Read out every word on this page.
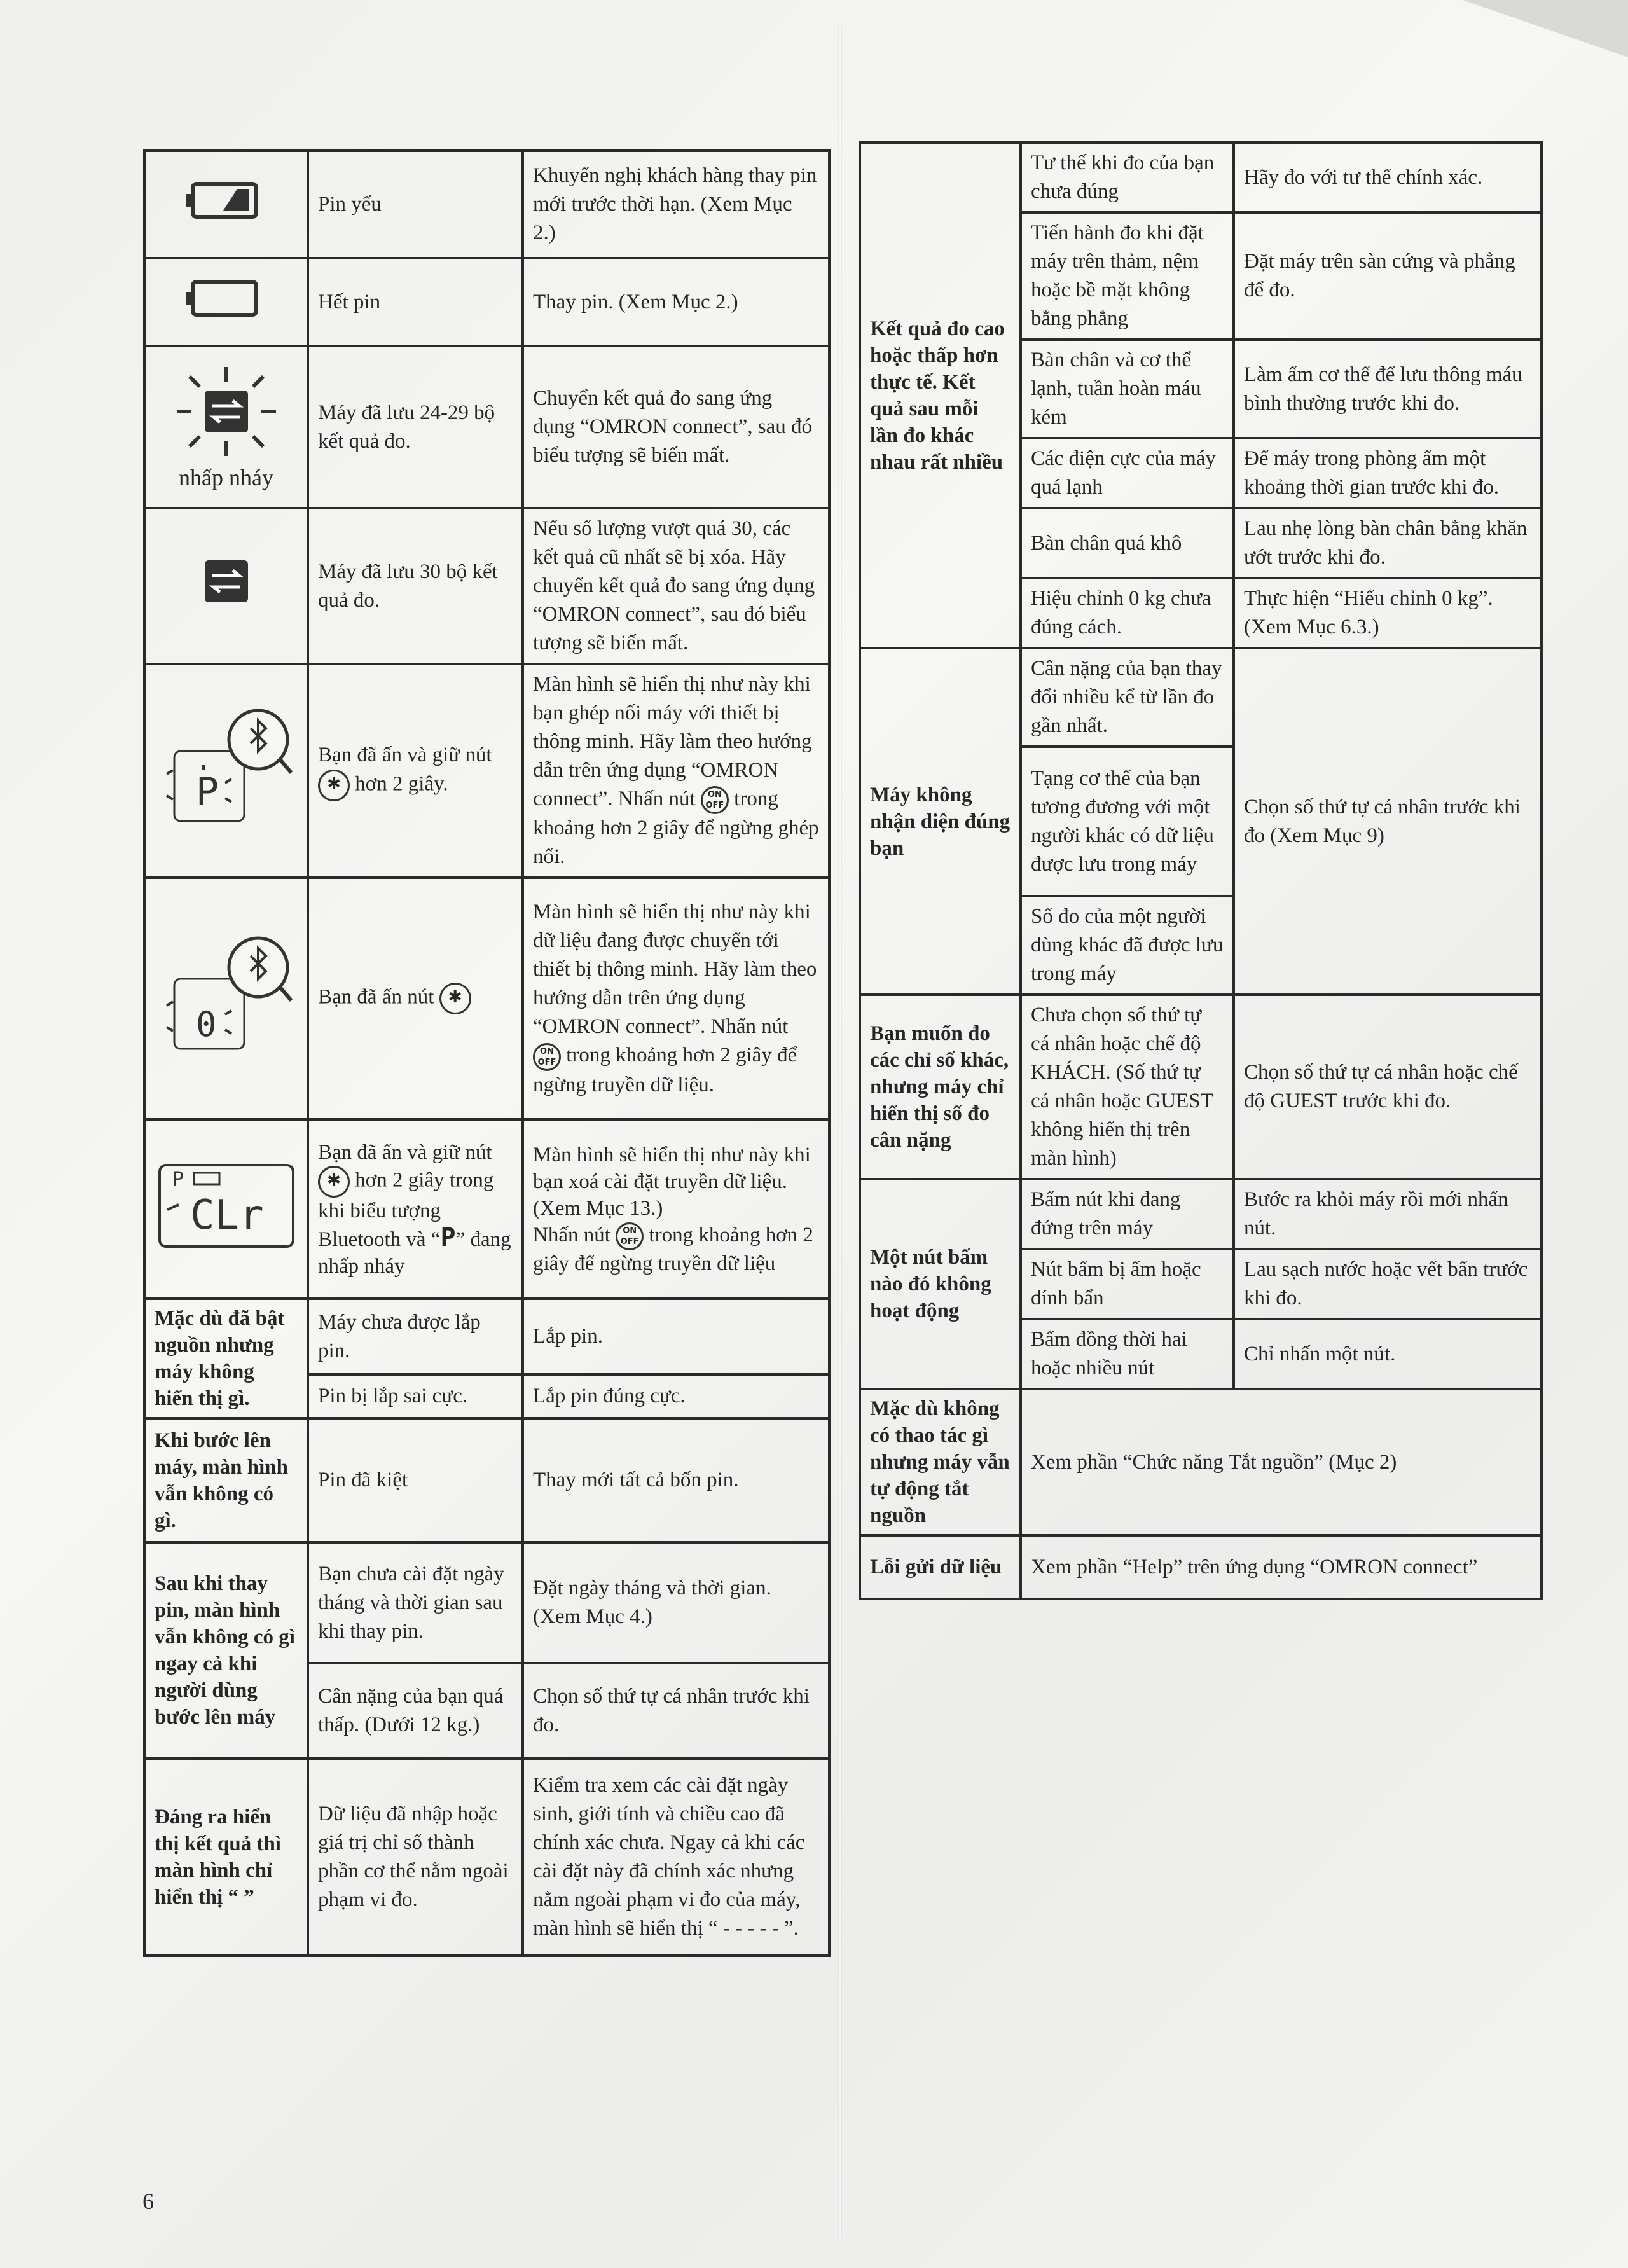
	Pin yếu	Khuyến nghị khách hàng thay pin mới trước thời hạn. (Xem Mục 2.)
	Hết pin	Thay pin. (Xem Mục 2.)

nhấp nháy	Máy đã lưu 24-29 bộ kết quả đo.	Chuyển kết quả đo sang ứng dụng “OMRON connect”, sau đó biểu tượng sẽ biến mất.
	Máy đã lưu 30 bộ kết quả đo.	Nếu số lượng vượt quá 30, các kết quả cũ nhất sẽ bị xóa. Hãy chuyển kết quả đo sang ứng dụng “OMRON connect”, sau đó biểu tượng sẽ biến mất.

P	Bạn đã ấn và giữ nút ✱ hơn 2 giây.	Màn hình sẽ hiển thị như này khi bạn ghép nối máy với thiết bị thông minh. Hãy làm theo hướng dẫn trên ứng dụng “OMRON connect”. Nhấn nút ON
OFF trong khoảng hơn 2 giây để ngừng ghép nối.

0	Bạn đã ấn nút ✱	Màn hình sẽ hiển thị như này khi dữ liệu đang được chuyển tới thiết bị thông minh. Hãy làm theo hướng dẫn trên ứng dụng “OMRON connect”. Nhấn nút ON
OFF trong khoảng hơn 2 giây để ngừng truyền dữ liệu.

P
CLr	Bạn đã ấn và giữ nút ✱ hơn 2 giây trong khi biểu tượng Bluetooth và “P” đang nhấp nháy	Màn hình sẽ hiển thị như này khi bạn xoá cài đặt truyền dữ liệu. (Xem Mục 13.)
Nhấn nút ON
OFF trong khoảng hơn 2 giây để ngừng truyền dữ liệu
Mặc dù đã bật nguồn nhưng máy không hiển thị gì.	Máy chưa được lắp pin.	Lắp pin.
	Pin bị lắp sai cực.	Lắp pin đúng cực.
Khi bước lên máy, màn hình vẫn không có gì.	Pin đã kiệt	Thay mới tất cả bốn pin.
Sau khi thay pin, màn hình vẫn không có gì ngay cả khi người dùng bước lên máy	Bạn chưa cài đặt ngày tháng và thời gian sau khi thay pin.	Đặt ngày tháng và thời gian. (Xem Mục 4.)
	Cân nặng của bạn quá thấp. (Dưới 12 kg.)	Chọn số thứ tự cá nhân trước khi đo.
Đáng ra hiển thị kết quả thì màn hình chỉ hiển thị “ ”	Dữ liệu đã nhập hoặc giá trị chỉ số thành phần cơ thể nằm ngoài phạm vi đo.	Kiểm tra xem các cài đặt ngày sinh, giới tính và chiều cao đã chính xác chưa. Ngay cả khi các cài đặt này đã chính xác nhưng nằm ngoài phạm vi đo của máy, màn hình sẽ hiển thị “ - - - - - ”.
Kết quả đo cao hoặc thấp hơn thực tế. Kết quả sau mỗi lần đo khác nhau rất nhiều	Tư thế khi đo của bạn chưa đúng	Hãy đo với tư thế chính xác.
	Tiến hành đo khi đặt máy trên thảm, nệm hoặc bề mặt không bằng phẳng	Đặt máy trên sàn cứng và phẳng để đo.
	Bàn chân và cơ thể lạnh, tuần hoàn máu kém	Làm ấm cơ thể để lưu thông máu bình thường trước khi đo.
	Các điện cực của máy quá lạnh	Để máy trong phòng ấm một khoảng thời gian trước khi đo.
	Bàn chân quá khô	Lau nhẹ lòng bàn chân bằng khăn ướt trước khi đo.
	Hiệu chỉnh 0 kg chưa đúng cách.	Thực hiện “Hiểu chỉnh 0 kg”. (Xem Mục 6.3.)
Máy không nhận diện đúng bạn	Cân nặng của bạn thay đổi nhiều kể từ lần đo gần nhất.	Chọn số thứ tự cá nhân trước khi đo (Xem Mục 9)
	Tạng cơ thể của bạn tương đương với một người khác có dữ liệu được lưu trong máy	
	Số đo của một người dùng khác đã được lưu trong máy	
Bạn muốn đo các chỉ số khác, nhưng máy chỉ hiển thị số đo cân nặng	Chưa chọn số thứ tự cá nhân hoặc chế độ KHÁCH. (Số thứ tự cá nhân hoặc GUEST không hiển thị trên màn hình)	Chọn số thứ tự cá nhân hoặc chế độ GUEST trước khi đo.
Một nút bấm nào đó không hoạt động	Bấm nút khi đang đứng trên máy	Bước ra khỏi máy rồi mới nhấn nút.
	Nút bấm bị ẩm hoặc dính bẩn	Lau sạch nước hoặc vết bẩn trước khi đo.
	Bấm đồng thời hai hoặc nhiều nút	Chỉ nhấn một nút.
Mặc dù không có thao tác gì nhưng máy vẫn tự động tắt nguồn	Xem phần “Chức năng Tắt nguồn” (Mục 2)	
Lỗi gửi dữ liệu	Xem phần “Help” trên ứng dụng “OMRON connect”	
6
